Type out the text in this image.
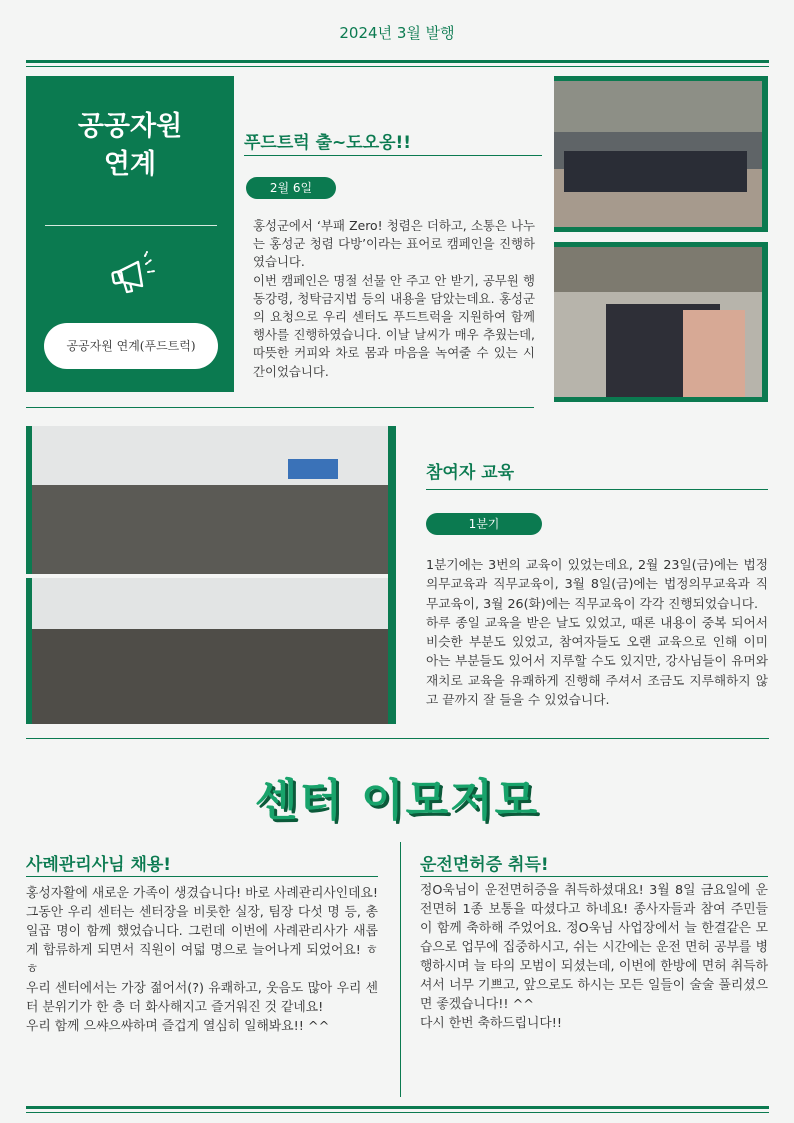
2024년 3월 발행
공공자원
연계
공공자원 연계(푸드트럭)
푸드트럭 출~도오옹!!
2월 6일

홍성군에서 ‘부패 Zero! 청렴은 더하고, 소통은 나누는 홍성군 청렴 다방’이라는 표어로 캠페인을 진행하였습니다.

이번 캠페인은 명절 선물 안 주고 안 받기, 공무원 행동강령, 청탁금지법 등의 내용을 담았는데요. 홍성군의 요청으로 우리 센터도 푸드트럭을 지원하여 함께 행사를 진행하였습니다. 이날 날씨가 매우 추웠는데, 따뜻한 커피와 차로 몸과 마음을 녹여줄 수 있는 시간이었습니다.

참여자 교육
1분기

1분기에는 3번의 교육이 있었는데요, 2월 23일(금)에는 법정의무교육과 직무교육이, 3월 8일(금)에는 법정의무교육과 직무교육이, 3월 26(화)에는 직무교육이 각각 진행되었습니다.

하루 종일 교육을 받은 날도 있었고, 때론 내용이 중복 되어서 비슷한 부분도 있었고, 참여자들도 오랜 교육으로 인해 이미 아는 부분들도 있어서 지루할 수도 있지만, 강사님들이 유머와 재치로 교육을 유쾌하게 진행해 주셔서 조금도 지루해하지 않고 끝까지 잘 들을 수 있었습니다.

센터 이모저모
사례관리사님 채용!

홍성자활에 새로운 가족이 생겼습니다! 바로 사례관리사인데요! 그동안 우리 센터는 센터장을 비롯한 실장, 팀장 다섯 명 등, 총 일곱 명이 함께 했었습니다. 그런데 이번에 사례관리사가 새롭게 합류하게 되면서 직원이 여덟 명으로 늘어나게 되었어요! ㅎㅎ

우리 센터에서는 가장 젊어서(?) 유쾌하고, 웃음도 많아 우리 센터 분위기가 한 층 더 화사해지고 즐거워진 것 같네요!

우리 함께 으쌰으쌰하며 즐겁게 열심히 일해봐요!! ^^

운전면허증 취득!

정O욱님이 운전면허증을 취득하셨대요! 3월 8일 금요일에 운전면허 1종 보통을 따셨다고 하네요! 종사자들과 참여 주민들이 함께 축하해 주었어요. 정O욱님 사업장에서 늘 한결같은 모습으로 업무에 집중하시고, 쉬는 시간에는 운전 면허 공부를 병행하시며 늘 타의 모범이 되셨는데, 이번에 한방에 면허 취득하셔서 너무 기쁘고, 앞으로도 하시는 모든 일들이 술술 풀리셨으면 좋겠습니다!! ^^

다시 한번 축하드립니다!!
